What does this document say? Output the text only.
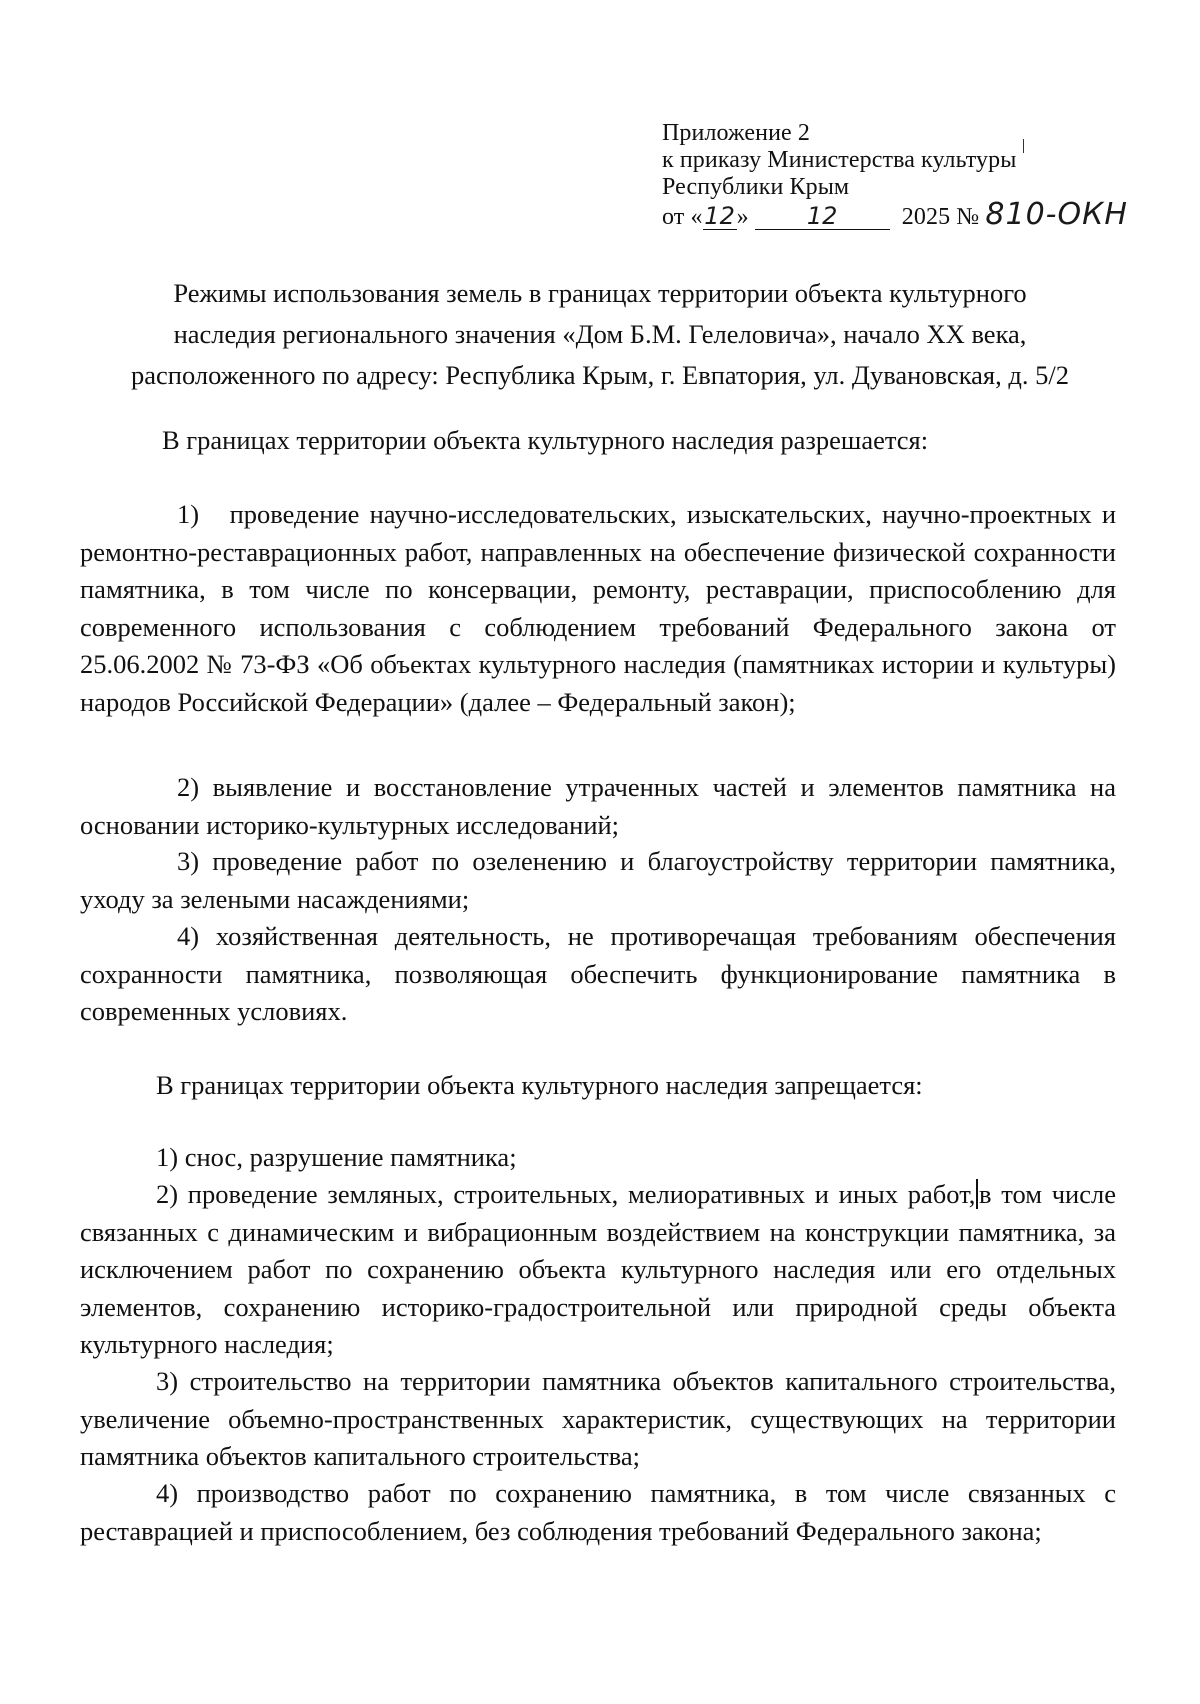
Приложение 2
к приказу Министерства культуры
Республики Крым
от «12» 12	2025 № 810-ОКН
Режимы использования земель в границах территории объекта культурного
наследия регионального значения «Дом Б.М. Гелеловича», начало XX века,
расположенного по адресу: Республика Крым, г. Евпатория, ул. Дувановская, д. 5/2
В границах территории объекта культурного наследия разрешается:
1)   проведение научно-исследовательских, изыскательских, научно-проектных и ремонтно-реставрационных работ, направленных на обеспечение физической сохранности памятника, в том числе по консервации, ремонту, реставрации, приспособлению для современного использования с соблюдением требований Федерального закона от 25.06.2002 № 73-ФЗ «Об объектах культурного наследия (памятниках истории и культуры) народов Российской Федерации» (далее – Федеральный закон);
2) выявление и восстановление утраченных частей и элементов памятника на основании историко-культурных исследований;
3) проведение работ по озеленению и благоустройству территории памятника, уходу за зелеными насаждениями;
4) хозяйственная деятельность, не противоречащая требованиям обеспечения сохранности памятника, позволяющая обеспечить функционирование памятника в современных условиях.
В границах территории объекта культурного наследия запрещается:
1) снос, разрушение памятника;
2) проведение земляных, строительных, мелиоративных и иных работ, в том числе связанных с динамическим и вибрационным воздействием на конструкции памятника, за исключением работ по сохранению объекта культурного наследия или его отдельных элементов, сохранению историко-градостроительной или природной среды объекта культурного наследия;
3) строительство на территории памятника объектов капитального строительства, увеличение объемно-пространственных характеристик, существующих на территории памятника объектов капитального строительства;
4) производство работ по сохранению памятника, в том числе связанных с реставрацией и приспособлением, без соблюдения требований Федерального закона;
